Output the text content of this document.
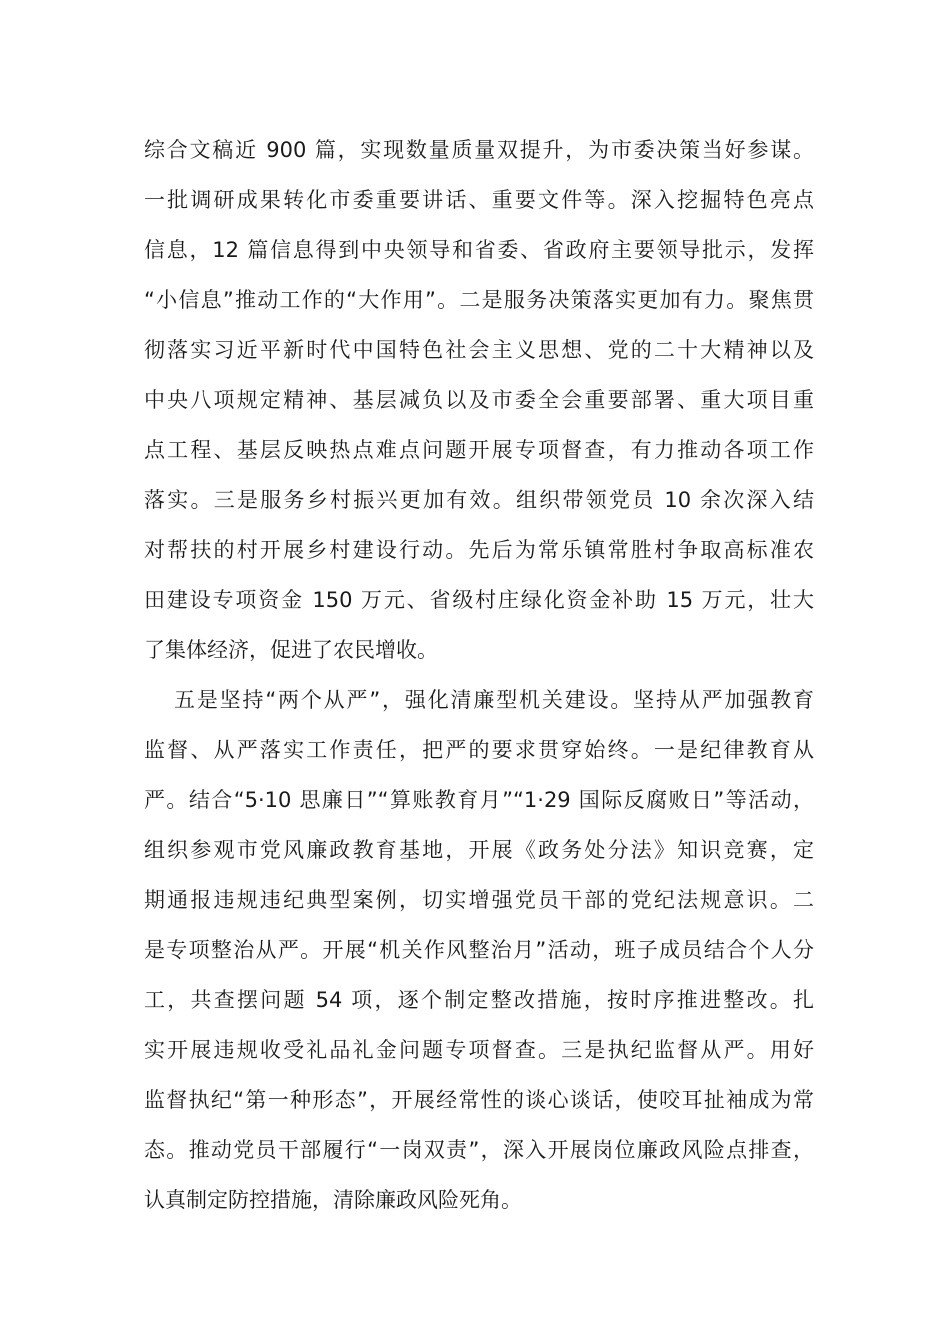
综合文稿近 900 篇，实现数量质量双提升，为市委决策当好参谋。
一批调研成果转化市委重要讲话、重要文件等。深入挖掘特色亮点
信息，12 篇信息得到中央领导和省委、省政府主要领导批示，发挥
“小信息”推动工作的“大作用”。二是服务决策落实更加有力。聚焦贯
彻落实习近平新时代中国特色社会主义思想、党的二十大精神以及
中央八项规定精神、基层减负以及市委全会重要部署、重大项目重
点工程、基层反映热点难点问题开展专项督查，有力推动各项工作
落实。三是服务乡村振兴更加有效。组织带领党员 10 余次深入结
对帮扶的村开展乡村建设行动。先后为常乐镇常胜村争取高标准农
田建设专项资金 150 万元、省级村庄绿化资金补助 15 万元，壮大
了集体经济，促进了农民增收。
五是坚持“两个从严”，强化清廉型机关建设。坚持从严加强教育
监督、从严落实工作责任，把严的要求贯穿始终。一是纪律教育从
严。结合“5·10 思廉日”“算账教育月”“1·29 国际反腐败日”等活动，
组织参观市党风廉政教育基地，开展《政务处分法》知识竞赛，定
期通报违规违纪典型案例，切实增强党员干部的党纪法规意识。二
是专项整治从严。开展“机关作风整治月”活动，班子成员结合个人分
工，共查摆问题 54 项，逐个制定整改措施，按时序推进整改。扎
实开展违规收受礼品礼金问题专项督查。三是执纪监督从严。用好
监督执纪“第一种形态”，开展经常性的谈心谈话，使咬耳扯袖成为常
态。推动党员干部履行“一岗双责”，深入开展岗位廉政风险点排查，
认真制定防控措施，清除廉政风险死角。
